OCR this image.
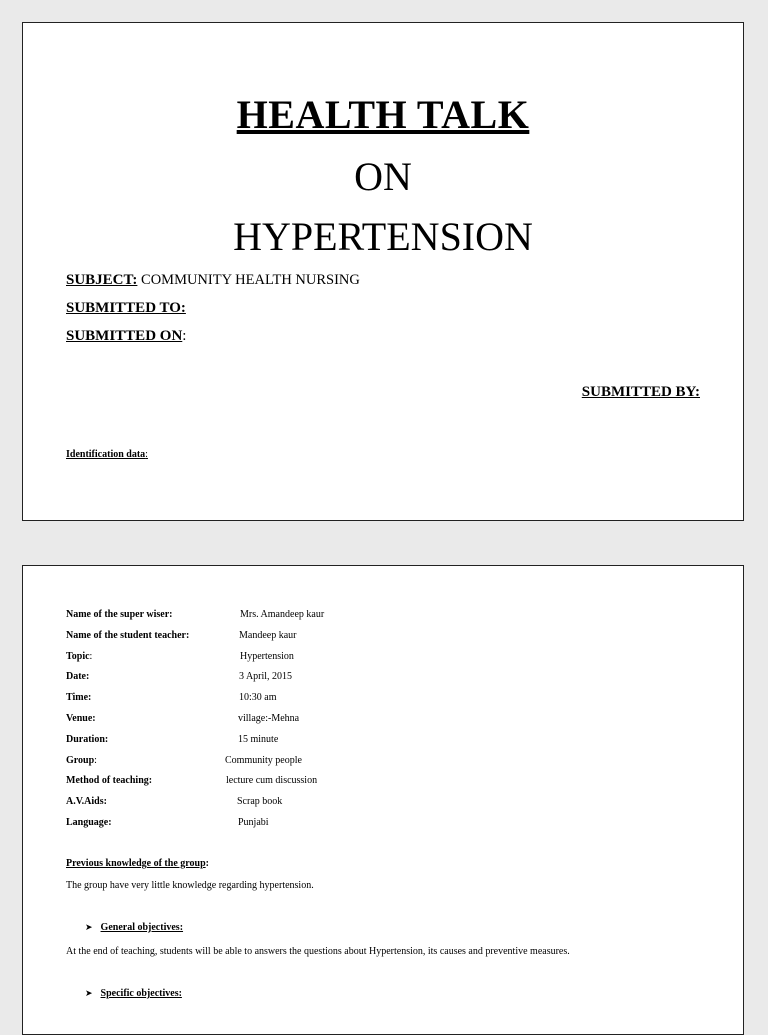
HEALTH TALK
ON
HYPERTENSION
SUBJECT: COMMUNITY HEALTH NURSING
SUBMITTED TO:
SUBMITTED ON:
SUBMITTED BY:
Identification data:
Name of the super wiser:	Mrs. Amandeep kaur
Name of the student teacher:	Mandeep kaur
Topic:	Hypertension
Date:	3 April, 2015
Time:	10:30 am
Venue:	village:-Mehna
Duration:	15 minute
Group:	Community people
Method of teaching:	lecture cum discussion
A.V.Aids:	Scrap book
Language:	Punjabi
Previous knowledge of the group:
The group have very little knowledge regarding hypertension.
➤ General objectives:
At the end of teaching, students will be able to answers the questions about Hypertension, its causes and preventive measures.
➤ Specific objectives:
